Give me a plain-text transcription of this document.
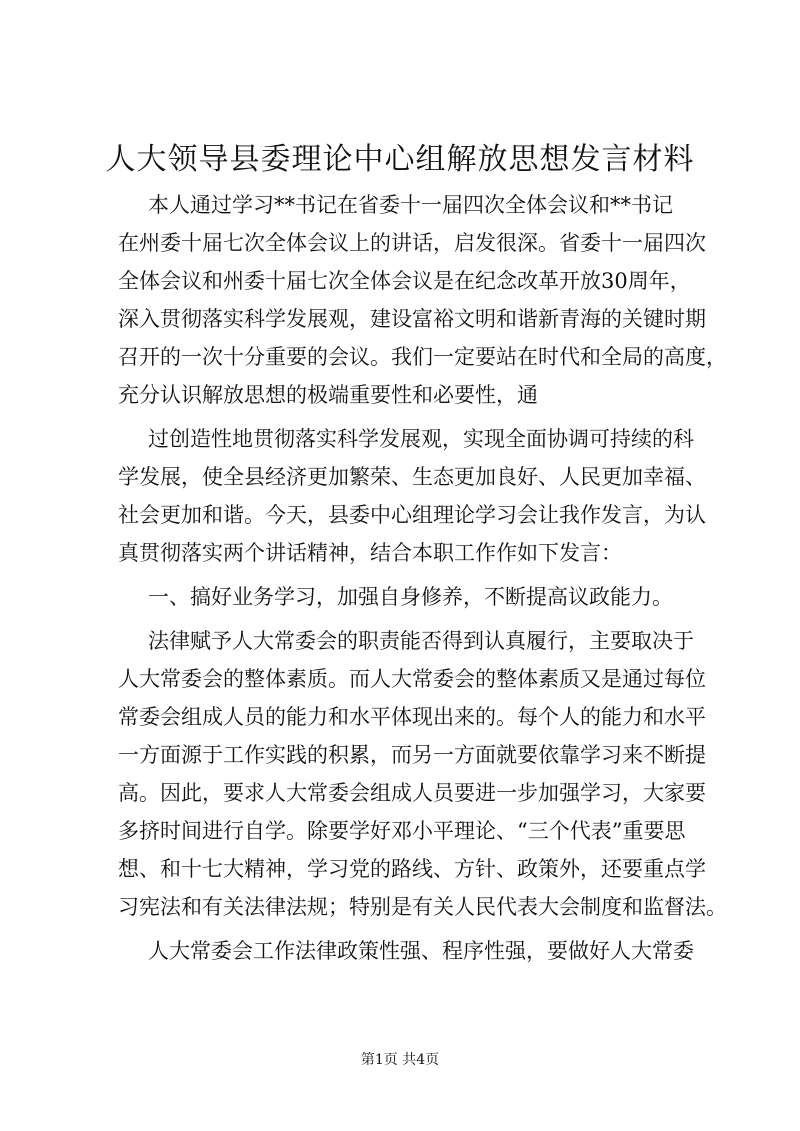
人大领导县委理论中心组解放思想发言材料

本人通过学习**书记在省委十一届四次全体会议和**书记

在州委十届七次全体会议上的讲话，启发很深。省委十一届四次

全体会议和州委十届七次全体会议是在纪念改革开放30周年，

深入贯彻落实科学发展观，建设富裕文明和谐新青海的关键时期

召开的一次十分重要的会议。我们一定要站在时代和全局的高度，

充分认识解放思想的极端重要性和必要性，通

过创造性地贯彻落实科学发展观，实现全面协调可持续的科

学发展，使全县经济更加繁荣、生态更加良好、人民更加幸福、

社会更加和谐。今天，县委中心组理论学习会让我作发言，为认

真贯彻落实两个讲话精神，结合本职工作作如下发言：

一、搞好业务学习，加强自身修养，不断提高议政能力。

法律赋予人大常委会的职责能否得到认真履行，主要取决于

人大常委会的整体素质。而人大常委会的整体素质又是通过每位

常委会组成人员的能力和水平体现出来的。每个人的能力和水平

一方面源于工作实践的积累，而另一方面就要依靠学习来不断提

高。因此，要求人大常委会组成人员要进一步加强学习，大家要

多挤时间进行自学。除要学好邓小平理论、“三个代表”重要思

想、和十七大精神，学习党的路线、方针、政策外，还要重点学

习宪法和有关法律法规；特别是有关人民代表大会制度和监督法。

人大常委会工作法律政策性强、程序性强，要做好人大常委

第1页 共4页
